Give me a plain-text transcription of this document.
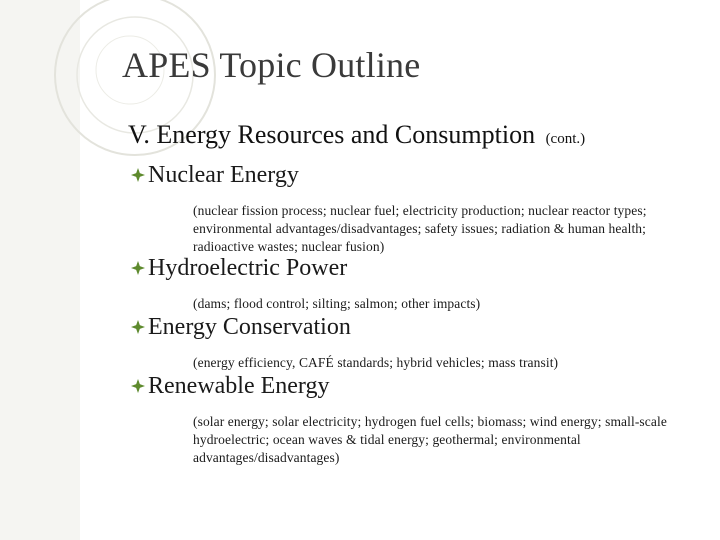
APES Topic Outline
V. Energy Resources and Consumption (cont.)
Nuclear Energy
(nuclear fission process; nuclear fuel; electricity production; nuclear reactor types; environmental advantages/disadvantages; safety issues; radiation & human health; radioactive wastes; nuclear fusion)
Hydroelectric Power
(dams; flood control; silting; salmon; other impacts)
Energy Conservation
(energy efficiency, CAFÉ standards; hybrid vehicles; mass transit)
Renewable Energy
(solar energy; solar electricity; hydrogen fuel cells; biomass; wind energy; small-scale hydroelectric; ocean waves & tidal energy; geothermal; environmental advantages/disadvantages)
